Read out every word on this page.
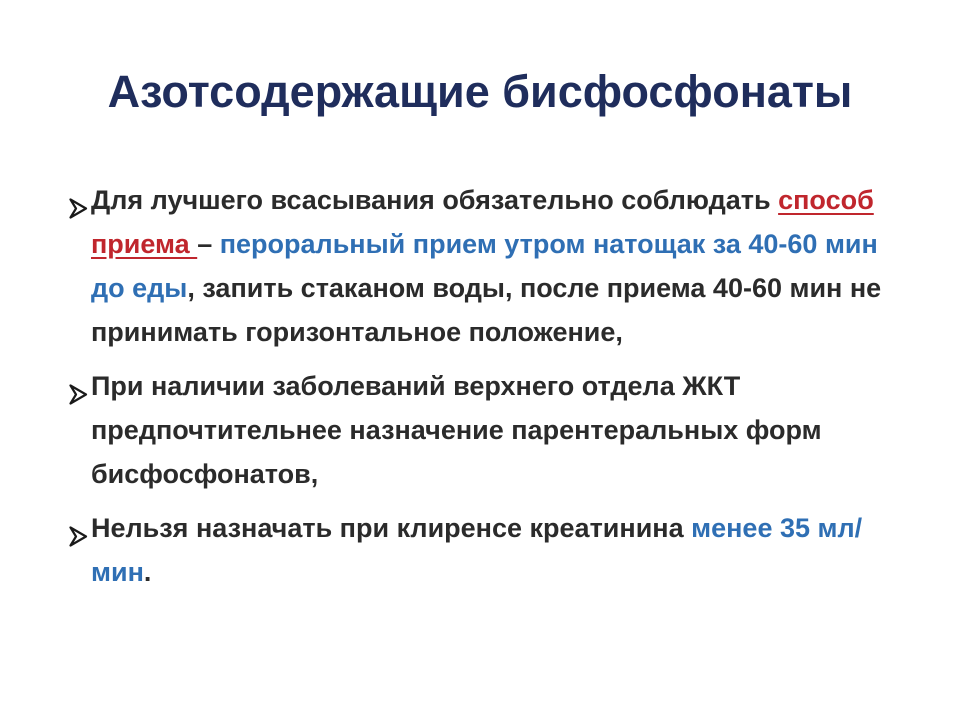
Азотсодержащие бисфосфонаты
Для лучшего всасывания обязательно соблюдать способ приема – пероральный прием утром натощак за 40-60 мин до еды, запить стаканом воды, после приема 40-60 мин не принимать горизонтальное положение,
При наличии заболеваний верхнего отдела ЖКТ предпочтительнее назначение парентеральных форм бисфосфонатов,
Нельзя назначать при клиренсе креатинина менее 35 мл/мин.
